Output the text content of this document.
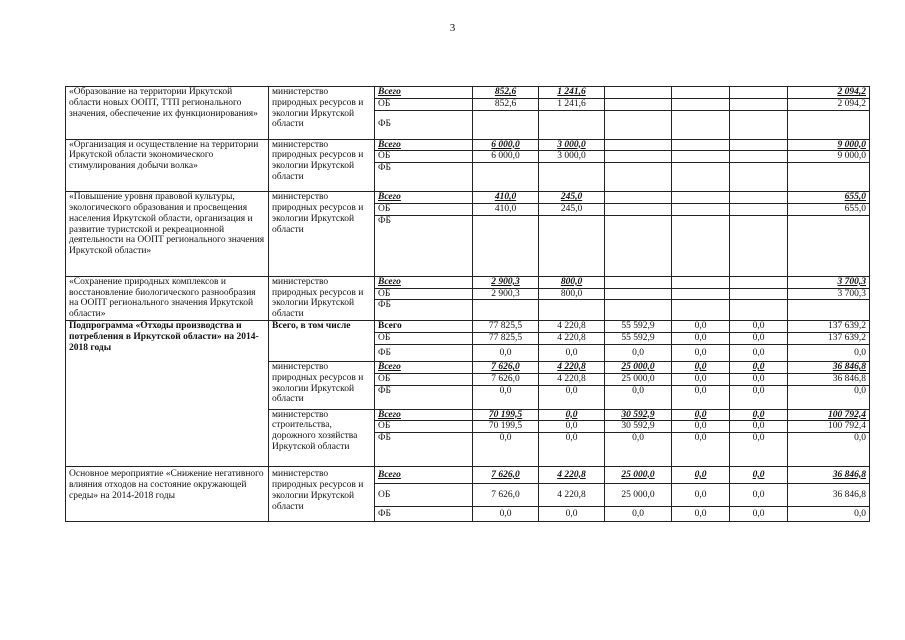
3
«Образование на территории Иркутской области новых ООПТ, ТТП регионального значения, обеспечение их функционирования»	министерство природных ресурсов и экологии Иркутской области	Всего	852,6	1 241,6				2 094,2
		ОБ	852,6	1 241,6				2 094,2
		ФБ						
«Организация и осуществление на территории Иркутской области экономического стимулирования добычи волка»	министерство природных ресурсов и экологии Иркутской области	Всего	6 000,0	3 000,0				9 000,0
		ОБ	6 000,0	3 000,0				9 000,0
		ФБ						
«Повышение уровня правовой культуры, экологического образования и просвещения населения Иркутской области, организация и развитие туристской и рекреационной деятельности на ООПТ регионального значения Иркутской области»	министерство природных ресурсов и экологии Иркутской области	Всего	410,0	245,0				655,0
		ОБ	410,0	245,0				655,0
		ФБ						
«Сохранение природных комплексов и восстановление биологического разнообразия на ООПТ регионального значения Иркутской области»	министерство природных ресурсов и экологии Иркутской области	Всего	2 900,3	800,0				3 700,3
		ОБ	2 900,3	800,0				3 700,3
		ФБ						
Подпрограмма «Отходы производства и потребления в Иркутской области» на 2014-2018 годы	Всего, в том числе	Всего	77 825,5	4 220,8	55 592,9	0,0	0,0	137 639,2
		ОБ	77 825,5	4 220,8	55 592,9	0,0	0,0	137 639,2
		ФБ	0,0	0,0	0,0	0,0	0,0	0,0
	министерство природных ресурсов и экологии Иркутской области	Всего	7 626,0	4 220,8	25 000,0	0,0	0,0	36 846,8
		ОБ	7 626,0	4 220,8	25 000,0	0,0	0,0	36 846,8
		ФБ	0,0	0,0	0,0	0,0	0,0	0,0
	министерство строительства, дорожного хозяйства Иркутской области	Всего	70 199,5	0,0	30 592,9	0,0	0,0	100 792,4
		ОБ	70 199,5	0,0	30 592,9	0,0	0,0	100 792,4
		ФБ	0,0	0,0	0,0	0,0	0,0	0,0
Основное мероприятие «Снижение негативного влияния отходов на состояние окружающей среды» на 2014-2018 годы	министерство природных ресурсов и экологии Иркутской области	Всего	7 626,0	4 220,8	25 000,0	0,0	0,0	36 846,8
		ОБ	7 626,0	4 220,8	25 000,0	0,0	0,0	36 846,8
		ФБ	0,0	0,0	0,0	0,0	0,0	0,0
